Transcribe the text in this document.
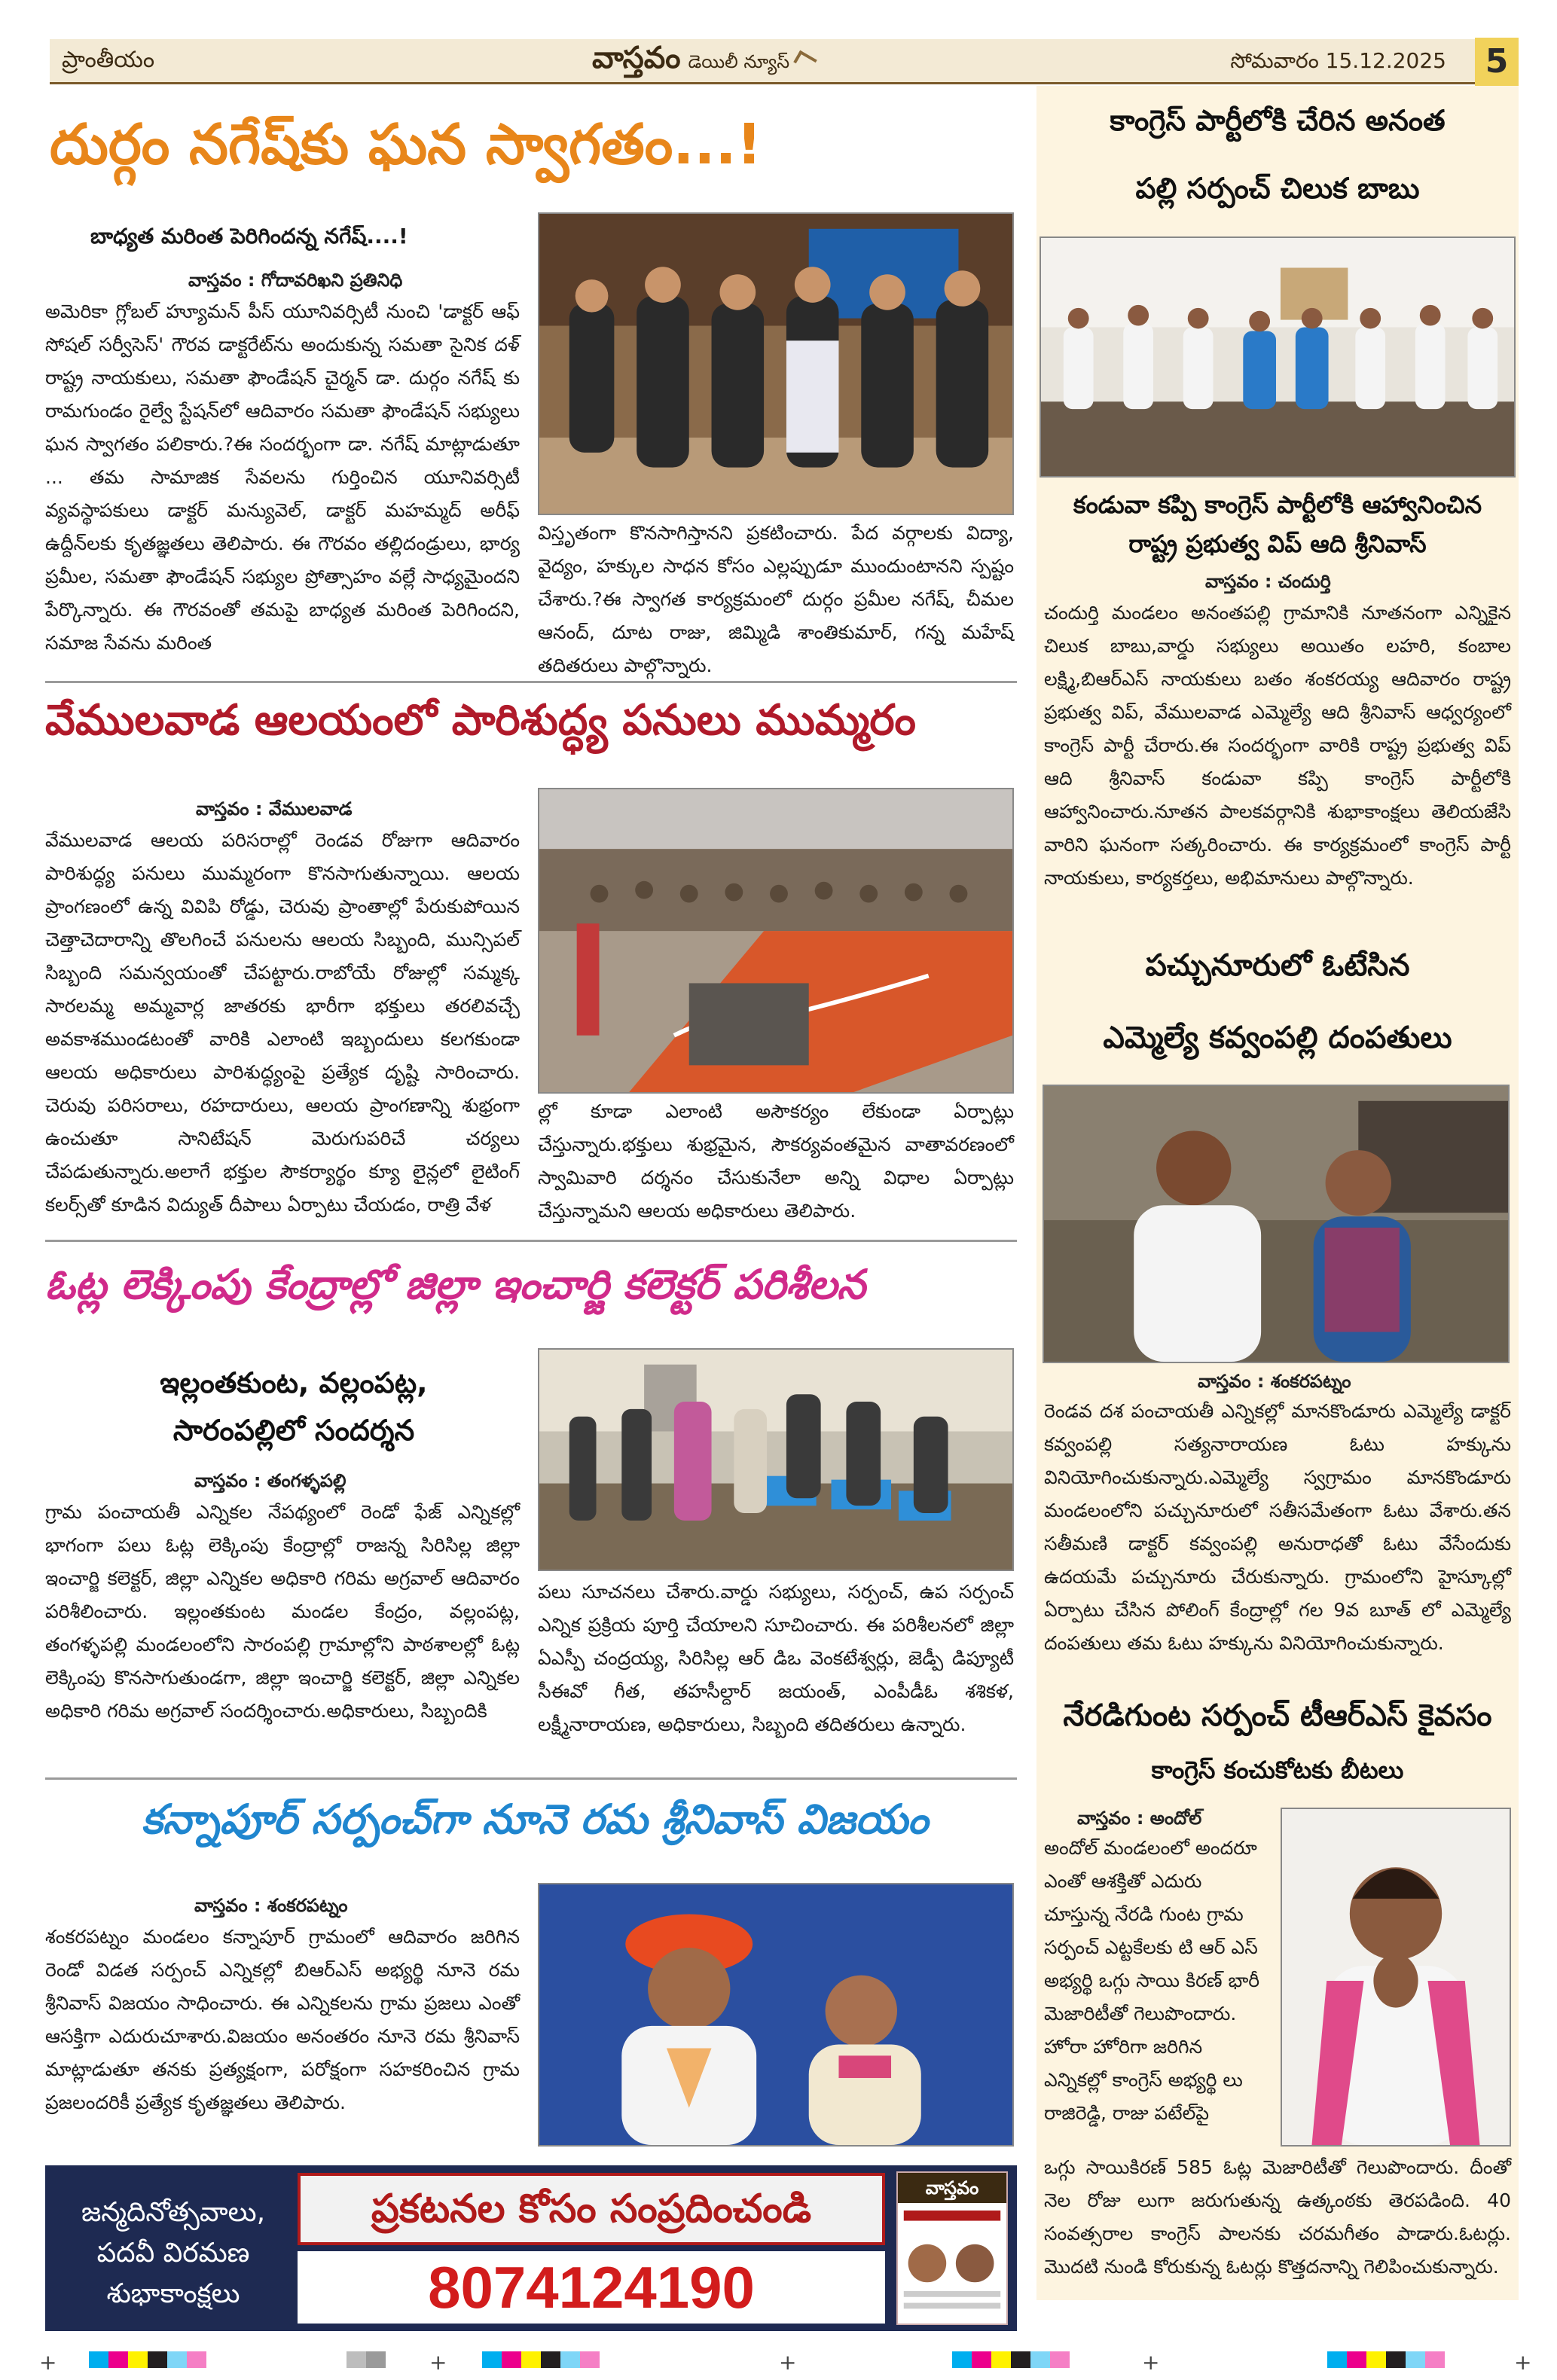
ప్రాంతీయం	వాస్తవం డెయిలీ న్యూస్	సోమవారం 15.12.2025	5
దుర్గం నగేష్‌కు ఘన స్వాగతం...!
బాధ్యత మరింత పెరిగిందన్న నగేష్....!
వాస్తవం : గోదావరిఖని ప్రతినిధి
అమెరికా గ్లోబల్ హ్యూమన్ పీస్ యూనివర్సిటీ నుంచి 'డాక్టర్ ఆఫ్ సోషల్ సర్వీసెస్' గౌరవ డాక్టరేట్‌ను అందుకున్న సమతా సైనిక దళ్ రాష్ట్ర నాయకులు, సమతా ఫౌండేషన్ చైర్మన్ డా. దుర్గం నగేష్ కు రామగుండం రైల్వే స్టేషన్‌లో ఆదివారం సమతా ఫౌండేషన్ సభ్యులు ఘన స్వాగతం పలికారు.?ఈ సందర్భంగా డా. నగేష్ మాట్లాడుతూ ... తమ సామాజిక సేవలను గుర్తించిన యూనివర్సిటీ వ్యవస్థాపకులు డాక్టర్ మన్యువెల్, డాక్టర్ మహమ్మద్ అరీఫ్ ఉద్దీన్‌లకు కృతజ్ఞతలు తెలిపారు. ఈ గౌరవం తల్లిదండ్రులు, భార్య ప్రమీల, సమతా ఫౌండేషన్ సభ్యుల ప్రోత్సాహం వల్లే సాధ్యమైందని పేర్కొన్నారు. ఈ గౌరవంతో తమపై బాధ్యత మరింత పెరిగిందని, సమాజ సేవను మరింత
విస్తృతంగా కొనసాగిస్తానని ప్రకటించారు. పేద వర్గాలకు విద్యా, వైద్యం, హక్కుల సాధన కోసం ఎల్లప్పుడూ ముందుంటానని స్పష్టం చేశారు.?ఈ స్వాగత కార్యక్రమంలో దుర్గం ప్రమీల నగేష్, చీమల ఆనంద్, దూట రాజు, జిమ్మిడి శాంతికుమార్, గన్న మహేష్ తదితరులు పాల్గొన్నారు.
వేములవాడ ఆలయంలో పారిశుద్ధ్య పనులు ముమ్మరం
వాస్తవం : వేములవాడ
వేములవాడ ఆలయ పరిసరాల్లో రెండవ రోజుగా ఆదివారం పారిశుద్ధ్య పనులు ముమ్మరంగా కొనసాగుతున్నాయి. ఆలయ ప్రాంగణంలో ఉన్న వివిపి రోడ్డు, చెరువు ప్రాంతాల్లో పేరుకుపోయిన చెత్తాచెదారాన్ని తొలగించే పనులను ఆలయ సిబ్బంది, మున్సిపల్ సిబ్బంది సమన్వయంతో చేపట్టారు.రాబోయే రోజుల్లో సమ్మక్క సారలమ్మ అమ్మవార్ల జాతరకు భారీగా భక్తులు తరలివచ్చే అవకాశముండటంతో వారికి ఎలాంటి ఇబ్బందులు కలగకుండా ఆలయ అధికారులు పారిశుద్ధ్యంపై ప్రత్యేక దృష్టి సారించారు. చెరువు పరిసరాలు, రహదారులు, ఆలయ ప్రాంగణాన్ని శుభ్రంగా ఉంచుతూ సానిటేషన్ మెరుగుపరిచే చర్యలు చేపడుతున్నారు.అలాగే భక్తుల సౌకర్యార్థం క్యూ లైన్లలో లైటింగ్ కలర్స్‌తో కూడిన విద్యుత్ దీపాలు ఏర్పాటు చేయడం, రాత్రి వేళ
ల్లో కూడా ఎలాంటి అసౌకర్యం లేకుండా ఏర్పాట్లు చేస్తున్నారు.భక్తులు శుభ్రమైన, సౌకర్యవంతమైన వాతావరణంలో స్వామివారి దర్శనం చేసుకునేలా అన్ని విధాల ఏర్పాట్లు చేస్తున్నామని ఆలయ అధికారులు తెలిపారు.
ఓట్ల లెక్కింపు కేంద్రాల్లో జిల్లా ఇంచార్జి కలెక్టర్ పరిశీలన
ఇల్లంతకుంట, వల్లంపట్ల,
సారంపల్లిలో సందర్శన
వాస్తవం : తంగళ్ళపల్లి
గ్రామ పంచాయతీ ఎన్నికల నేపథ్యంలో రెండో ఫేజ్ ఎన్నికల్లో భాగంగా పలు ఓట్ల లెక్కింపు కేంద్రాల్లో రాజన్న సిరిసిల్ల జిల్లా ఇంచార్జి కలెక్టర్, జిల్లా ఎన్నికల అధికారి గరిమ అగ్రవాల్ ఆదివారం పరిశీలించారు. ఇల్లంతకుంట మండల కేంద్రం, వల్లంపట్ల, తంగళ్ళపల్లి మండలంలోని సారంపల్లి గ్రామాల్లోని పాఠశాలల్లో ఓట్ల లెక్కింపు కొనసాగుతుండగా, జిల్లా ఇంచార్జి కలెక్టర్, జిల్లా ఎన్నికల అధికారి గరిమ అగ్రవాల్ సందర్శించారు.అధికారులు, సిబ్బందికి
పలు సూచనలు చేశారు.వార్డు సభ్యులు, సర్పంచ్, ఉప సర్పంచ్ ఎన్నిక ప్రక్రియ పూర్తి చేయాలని సూచించారు. ఈ పరిశీలనలో జిల్లా ఏఎస్పీ చంద్రయ్య, సిరిసిల్ల ఆర్ డిఒ వెంకటేశ్వర్లు, జెడ్పీ డిప్యూటీ సీఈవో గీత, తహసీల్దార్ జయంత్, ఎంపీడీఓ శశికళ, లక్ష్మీనారాయణ, అధికారులు, సిబ్బంది తదితరులు ఉన్నారు.
కన్నాపూర్ సర్పంచ్‌గా నూనె రమ శ్రీనివాస్ విజయం
వాస్తవం : శంకరపట్నం
శంకరపట్నం మండలం కన్నాపూర్ గ్రామంలో ఆదివారం జరిగిన రెండో విడత సర్పంచ్ ఎన్నికల్లో బిఆర్ఎస్ అభ్యర్థి నూనె రమ శ్రీనివాస్ విజయం సాధించారు. ఈ ఎన్నికలను గ్రామ ప్రజలు ఎంతో ఆసక్తిగా ఎదురుచూశారు.విజయం అనంతరం నూనె రమ శ్రీనివాస్ మాట్లాడుతూ తనకు ప్రత్యక్షంగా, పరోక్షంగా సహకరించిన గ్రామ ప్రజలందరికీ ప్రత్యేక కృతజ్ఞతలు తెలిపారు.
జన్మదినోత్సవాలు,
పదవీ విరమణ
శుభాకాంక్షలు
ప్రకటనల కోసం సంప్రదించండి
8074124190
వాస్తవం
కాంగ్రెస్ పార్టీలోకి చేరిన అనంత
పల్లి సర్పంచ్ చిలుక బాబు
కండువా కప్పి కాంగ్రెస్ పార్టీలోకి ఆహ్వానించిన
రాష్ట్ర ప్రభుత్వ విప్ ఆది శ్రీనివాస్
వాస్తవం : చందుర్తి
చందుర్తి మండలం అనంతపల్లి గ్రామానికి నూతనంగా ఎన్నికైన చిలుక బాబు,వార్డు సభ్యులు అయితం లహరి, కంబాల లక్ష్మి,బిఆర్ఎస్ నాయకులు బతం శంకరయ్య ఆదివారం రాష్ట్ర ప్రభుత్వ విప్, వేములవాడ ఎమ్మెల్యే ఆది శ్రీనివాస్ ఆధ్వర్యంలో కాంగ్రెస్ పార్టీ చేరారు.ఈ సందర్భంగా వారికి రాష్ట్ర ప్రభుత్వ విప్ ఆది శ్రీనివాస్ కండువా కప్పి కాంగ్రెస్ పార్టీలోకి ఆహ్వానించారు.నూతన పాలకవర్గానికి శుభాకాంక్షలు తెలియజేసి వారిని ఘనంగా సత్కరించారు. ఈ కార్యక్రమంలో కాంగ్రెస్ పార్టీ నాయకులు, కార్యకర్తలు, అభిమానులు పాల్గొన్నారు.
పచ్చునూరులో ఓటేసిన
ఎమ్మెల్యే కవ్వంపల్లి దంపతులు
వాస్తవం : శంకరపట్నం
రెండవ దశ పంచాయతీ ఎన్నికల్లో మానకొండూరు ఎమ్మెల్యే డాక్టర్ కవ్వంపల్లి సత్యనారాయణ ఓటు హక్కును వినియోగించుకున్నారు.ఎమ్మెల్యే స్వగ్రామం మానకొండూరు మండలంలోని పచ్చునూరులో సతీసమేతంగా ఓటు వేశారు.తన సతీమణి డాక్టర్ కవ్వంపల్లి అనురాధతో ఓటు వేసేందుకు ఉదయమే పచ్చునూరు చేరుకున్నారు. గ్రామంలోని హైస్కూల్లో ఏర్పాటు చేసిన పోలింగ్ కేంద్రాల్లో గల 9వ బూత్ లో ఎమ్మెల్యే దంపతులు తమ ఓటు హక్కును వినియోగించుకున్నారు.
నేరడిగుంట సర్పంచ్ టీఆర్ఎస్ కైవసం
కాంగ్రెస్ కంచుకోటకు బీటలు
వాస్తవం : అందోల్
అందోల్ మండలంలో అందరూ ఎంతో ఆశక్తితో ఎదురు చూస్తున్న నేరడి గుంట గ్రామ సర్పంచ్ ఎట్టకేలకు టి ఆర్ ఎస్ అభ్యర్థి ఒగ్గు సాయి కిరణ్ భారీ మెజారిటీతో గెలుపొందారు. హోరా హోరిగా జరిగిన ఎన్నికల్లో కాంగ్రెస్ అభ్యర్థి లు రాజిరెడ్డి, రాజు పటేల్‌పై
ఒగ్గు సాయికిరణ్ 585 ఓట్ల మెజారిటీతో గెలుపొందారు. దీంతో నెల రోజు లుగా జరుగుతున్న ఉత్కంఠకు తెరపడింది. 40 సంవత్సరాల కాంగ్రెస్ పాలనకు చరమగీతం పాడారు.ఓటర్లు. మొదటి నుండి కోరుకున్న ఓటర్లు కొత్తదనాన్ని గెలిపించుకున్నారు.
+	+	+	+	+
